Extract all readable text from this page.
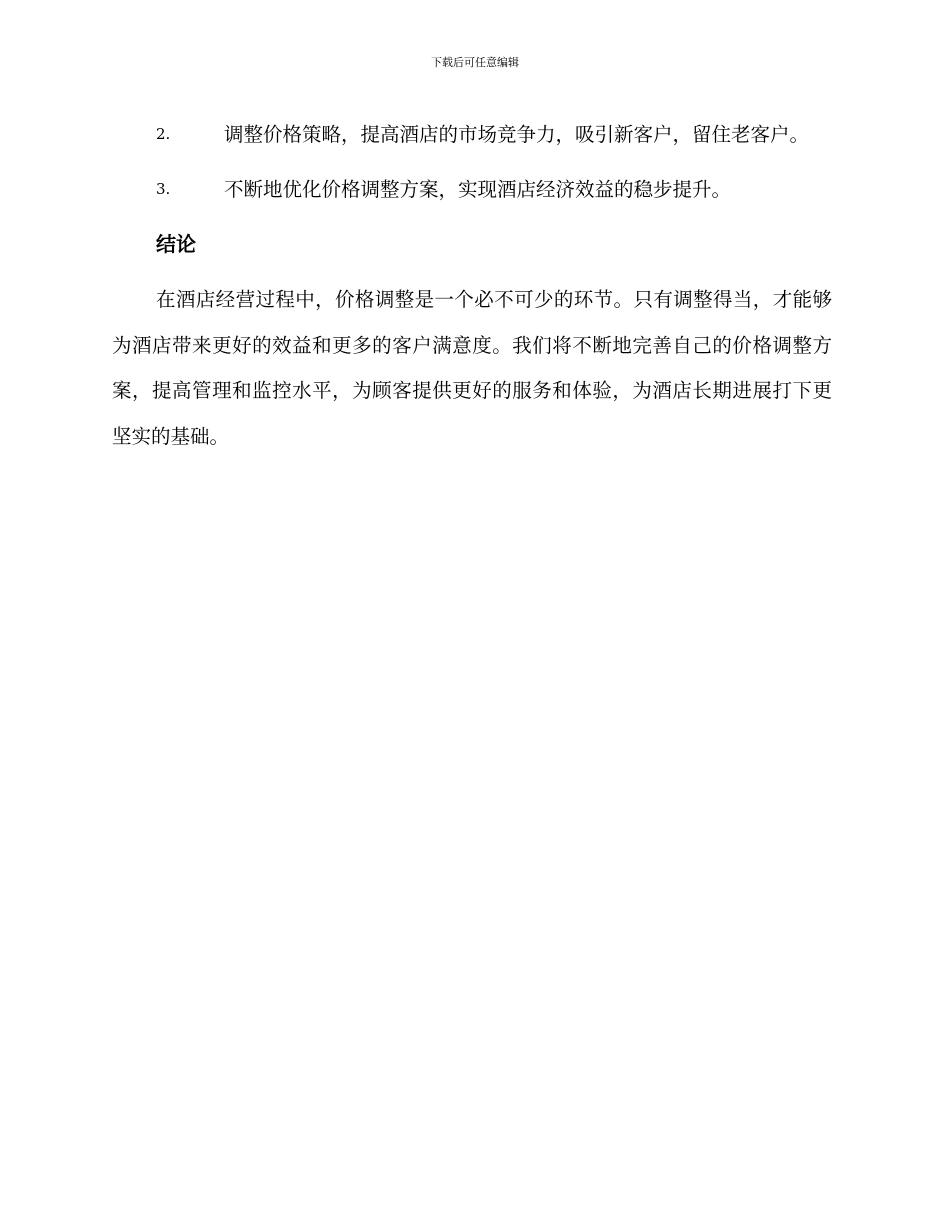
下载后可任意编辑
2.	调整价格策略，提高酒店的市场竞争力，吸引新客户，留住老客户。
3.	不断地优化价格调整方案，实现酒店经济效益的稳步提升。
结论

在酒店经营过程中，价格调整是一个必不可少的环节。只有调整得当，才能够为酒店带来更好的效益和更多的客户满意度。我们将不断地完善自己的价格调整方案，提高管理和监控水平，为顾客提供更好的服务和体验，为酒店长期进展打下更坚实的基础。
